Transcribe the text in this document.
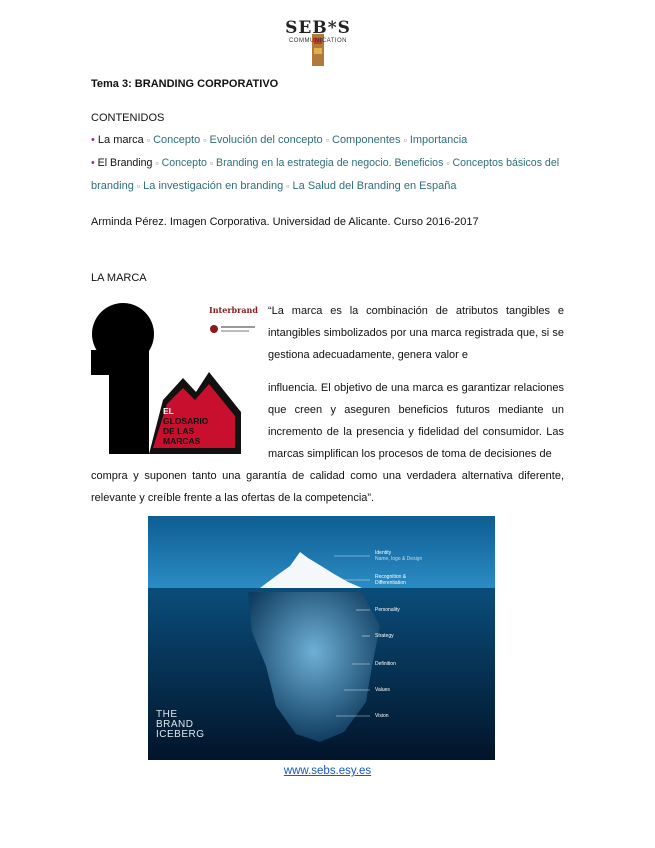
SEB*S
COMMUNICATION
Tema 3: BRANDING CORPORATIVO
CONTENIDOS
• La marca ▫ Concepto ▫ Evolución del concepto ▫ Componentes ▫ Importancia
• El Branding ▫ Concepto ▫ Branding en la estrategia de negocio. Beneficios ▫ Conceptos básicos del
branding ▫ La investigación en branding ▫ La Salud del Branding en España
Arminda Pérez. Imagen Corporativa. Universidad de Alicante. Curso 2016-2017
LA MARCA
Interbrand
EL
GLOSARIO
DE LAS
MARCAS
“La marca es la combinación de atributos tangibles e intangibles simbolizados por una marca registrada que, si se gestiona adecuadamente, genera valor e
influencia. El objetivo de una marca es garantizar relaciones que creen y aseguren beneficios futuros mediante un incremento de la presencia y fidelidad del consumidor. Las marcas simplifican los procesos de toma de decisiones de
compra y suponen tanto una garantía de calidad como una verdadera alternativa diferente, relevante y creíble frente a las ofertas de la competencia”.
Identity
Name, logo & Design
Recognition &
Differentiation
Personality
Strategy
Definition
Values
Vision
THE
BRAND
ICEBERG
www.sebs.esy.es
